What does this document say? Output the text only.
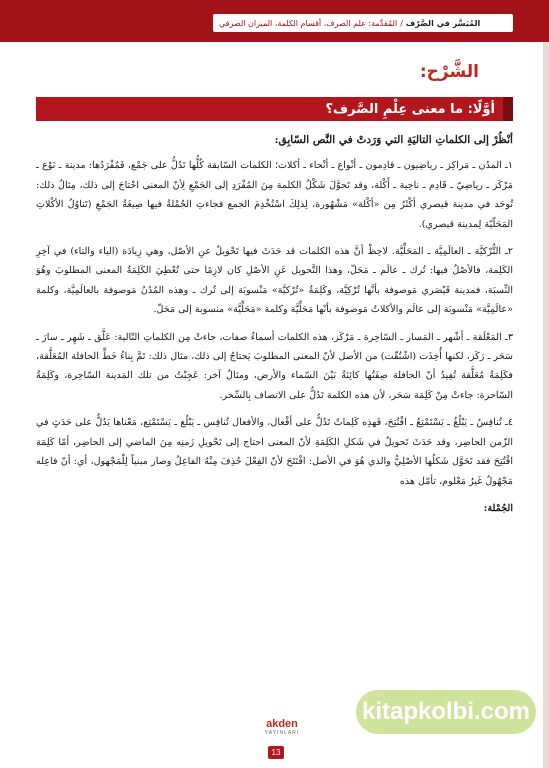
المُيَسَّر في الصَّرْف
/
المُقدِّمة: علم الصرف، أقسام الكلمة، الميزان الصرفي
الشَّرْح:
أوَّلًا: ما معنى عِلْمِ الصَّرف؟

أنْظُرْ إلى الكلماتِ التاليَةِ التي وَرَدتْ في النَّص السّابِق:

١ـ المدُن ـ مَراكِز ـ رياضِيون ـ قادِمون ـ أنْواع ـ أنْحاء ـ أكلات؛ الكلمات السّابقة كُلُّها تَدُلُّ على جَمْع، فَمُفْرَدُها: مدينة ـ نَوْع ـ مَرْكَز ـ رياضِيّ ـ قَادِم ـ ناحِية ـ أَكْلة، وقد تَحوَّلَ شَكْلُ الكلمة مِنَ المُفْرَدِ إلى الجَمْعِ لِأنّ المعنى احْتاجَ إلى ذلك، مِثالُ ذلك: تُوجَد في مدينة قيصري أكْثَرُ مِن «أكْلة» مَشْهُورة، لِذلِكَ اسْتُخْدِمَ الجمع فجاءتِ الجُمْلةُ فيها صِيغَةُ الجَمْعِ (تَناوُلُ الأكْلاتِ المَحَلّيّة لِمدينة قيصري).

٢ـ التُّرْكيَّة ـ العالَمِيَّة ـ المَحَلِّيَّة. لاحِظْ أنَّ هذه الكلمات قد حَدَثَ فيها تَحْويلٌ عنِ الأصْل، وهي زِيادَة (الياء والتاء) في آخِرِ الكَلِمة، فالأصْلُ فيها: تُرك ـ عالَم ـ مَحَلّ، وهذا التَّحويل عَنِ الأصْلِ كان لازِمًا حتى تُعْطِيَ الكَلِمَةُ المعنى المطلوبَ وهُوَ النِّسبَة، فمدينة قَيْصَري مَوصوفة بأنَّها تُرْكِيَّة، وكَلِمَةُ «تُرْكيَّة» مَنْسوبَة إلى تُرك ـ وهذه المُدُنُ مَوصوفة بالعالَمِيَّة، وكلمة «عالَمِيَّة» مَنْسوبَة إلى عالَم والأكلاتُ مَوصوفة بأنّها مَحَلِّيَّة وكلمة «مَحَلِّيَّة» منسوبة إلى مَحَلّ.

٣ـ المَعْلَقة ـ أشْهر ـ المَسار ـ السّاحِرة ـ مَرْكَز، هذه الكلمات أسماءُ صفات، جاءتْ مِن الكلماتِ التّالية: عَلَّق ـ شَهِر ـ سارَ ـ سَحَر ـ رَكَز، لكنها أُخِذَت (اشْتُقّت) من الأصل لأنّ المعنى المطلوبَ يَحتاجُ إلى ذلك، مثال ذلك: تَمَّ بِناءُ خَطِّ الحافلة المُعَلَّقة، فكَلِمَةُ مُعَلَّقة تُفِيدُ أنّ الحافلة صِفَتُها كائِنَةٌ بَيْنَ السّماء والأرض، ومثالٌ آخر: عَجِبْتُ من تلك المَدينة السّاحِرة، وكَلِمَةُ السّاحرة: جاءتْ مِنْ كَلِمَة سَحَر، لأن هذه الكلمة تَدُلُّ على الاتصاف بِالسِّحر.

٤ـ تُنافِسُ ـ يَبْلُغُ ـ يَسْتَمْتِعُ ـ افْتُتِحَ، فَهذِه كَلِماتٌ تَدُلُّ على أفْعال، والأفعال تُنافِس ـ يَبْلُغ ـ يَسْتَمْتِع، مَعْناها يَدُلُّ على حَدَثٍ في الزّمن الحاضِر، وقد حَدَثَ تَحويلٌ في شَكلِ الكَلِمَةِ لأنّ المعنى احتاج إلى تَحْويلِ زَمنِه مِنَ الماضي إلى الحاضِر، أمّا كَلِمَة افْتُتِحَ فقد تَحَوَّل شَكلُها الأصْلِيُّ والذي هُوَ في الأصل: افْتَتَحَ لأنّ الفِعْلَ حُذِفَ مِنْهُ الفاعِلُ وصار مبنياً لِلْمَجْهول، أي: أنّ فاعِله مَجْهُولٌ غَيرُ مَعْلوم، تأمّل هذه

الجُمْلة:

akden
YAYINLARI
13
kitapkolbi.com
